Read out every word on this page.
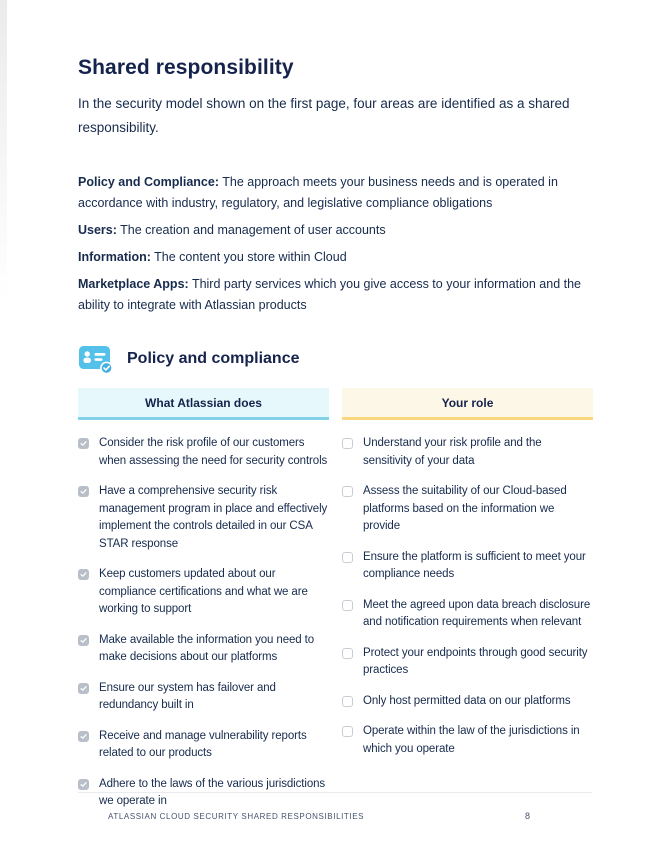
Shared responsibility

In the security model shown on the first page, four areas are identified as a shared responsibility.

Policy and Compliance: The approach meets your business needs and is operated in accordance with industry, regulatory, and legislative compliance obligations

Users: The creation and management of user accounts

Information: The content you store within Cloud

Marketplace Apps: Third party services which you give access to your information and the ability to integrate with Atlassian products

Policy and compliance
What Atlassian does
Consider the risk profile of our customers when assessing the need for security controls
Have a comprehensive security risk management program in place and effectively implement the controls detailed in our CSA STAR response
Keep customers updated about our compliance certifications and what we are working to support
Make available the information you need to make decisions about our platforms
Ensure our system has failover and redundancy built in
Receive and manage vulnerability reports related to our products
Adhere to the laws of the various jurisdictions we operate in
Your role
Understand your risk profile and the sensitivity of your data
Assess the suitability of our Cloud-based platforms based on the information we provide
Ensure the platform is sufficient to meet your compliance needs
Meet the agreed upon data breach disclosure and notification requirements when relevant
Protect your endpoints through good security practices
Only host permitted data on our platforms
Operate within the law of the jurisdictions in which you operate
ATLASSIAN CLOUD SECURITY SHARED RESPONSIBILITIES	8
